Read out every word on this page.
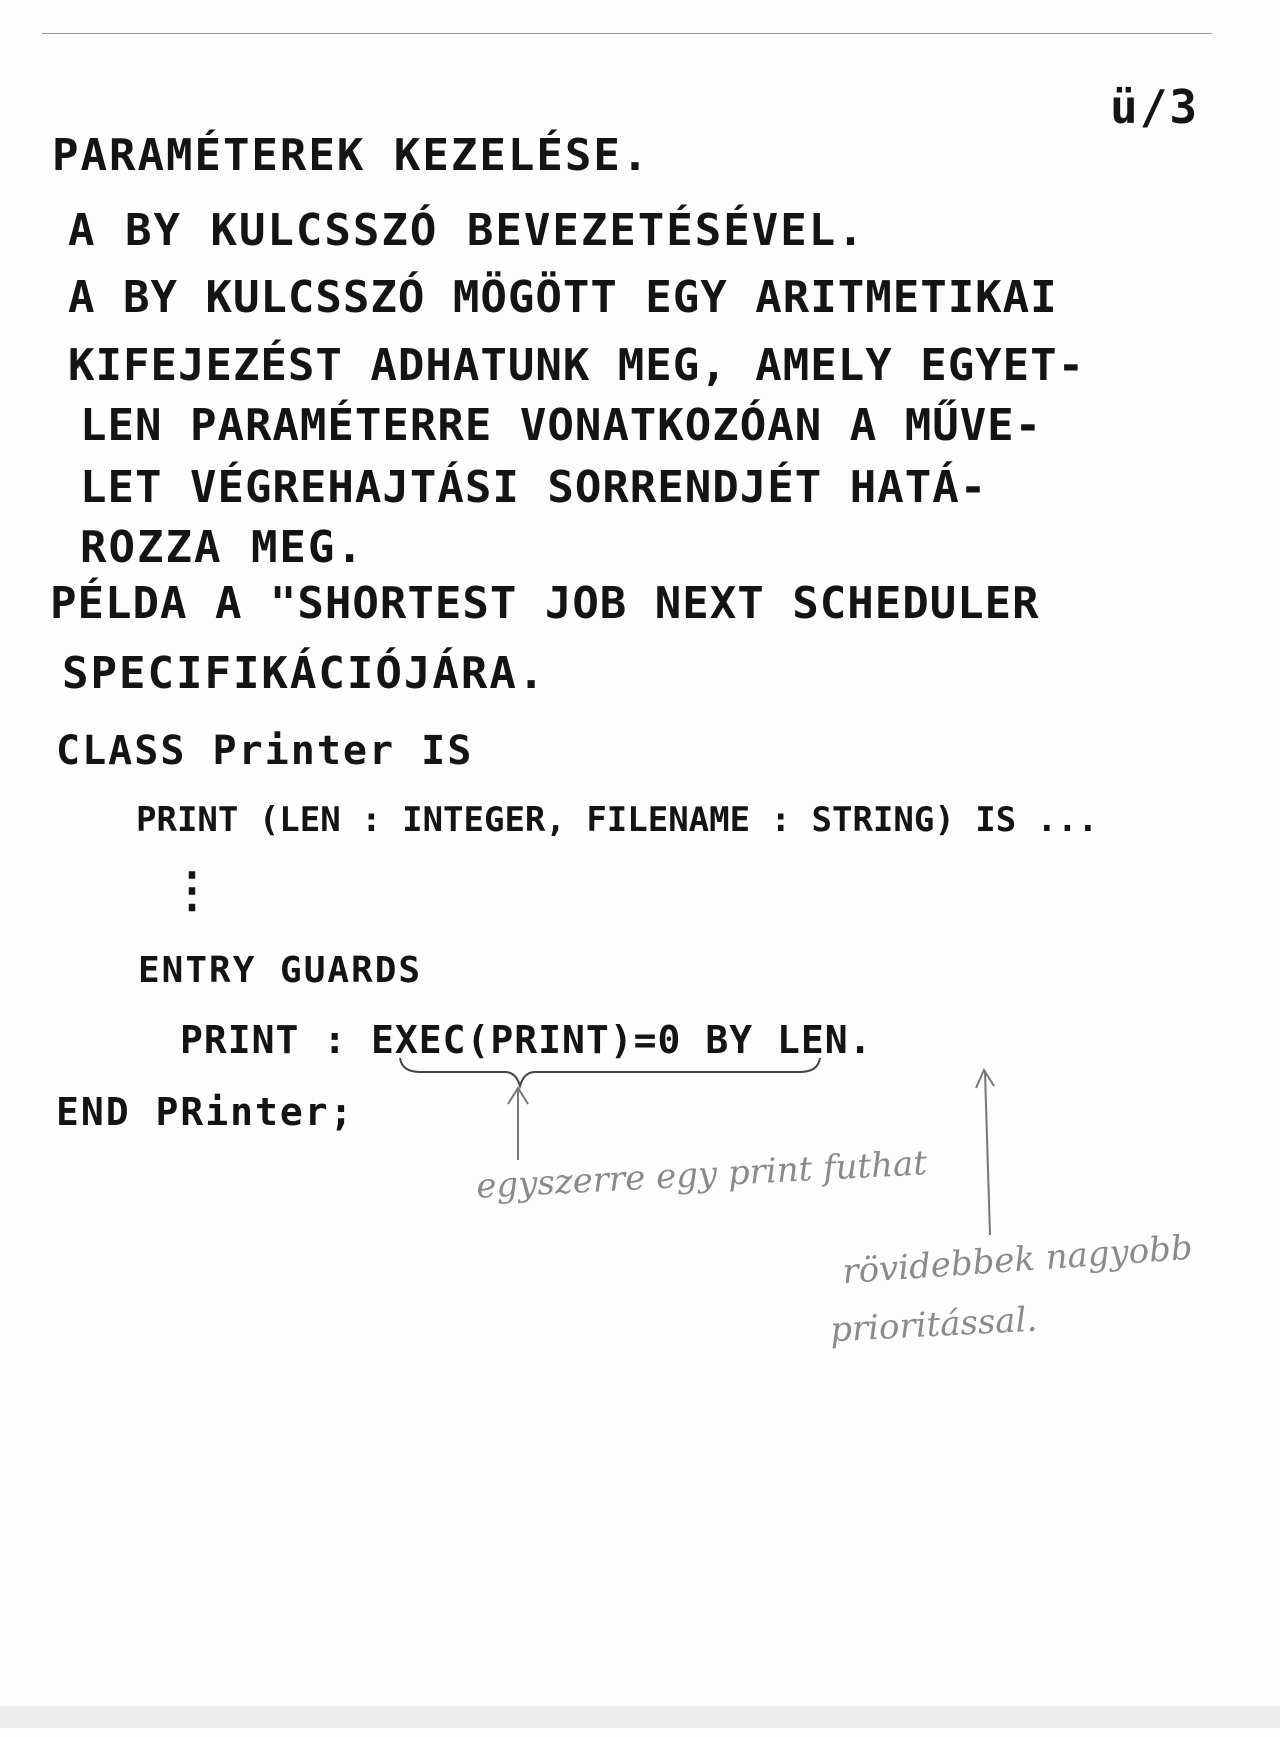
ü/3
PARAMÉTEREK KEZELÉSE.
A BY KULCSSZÓ BEVEZETÉSÉVEL.
A BY KULCSSZÓ MÖGÖTT EGY ARITMETIKAI
KIFEJEZÉST ADHATUNK MEG, AMELY EGYET-
LEN PARAMÉTERRE VONATKOZÓAN A MŰVE-
LET VÉGREHAJTÁSI SORRENDJÉT HATÁ-
ROZZA MEG.
PÉLDA A "SHORTEST JOB NEXT SCHEDULER
SPECIFIKÁCIÓJÁRA.
CLASS Printer IS
PRINT (LEN : INTEGER, FILENAME : STRING) IS ...
⋮
ENTRY GUARDS
PRINT : EXEC(PRINT)=0 BY LEN.
END PRinter;
egyszerre egy print futhat
rövidebbek nagyobb
prioritással.
